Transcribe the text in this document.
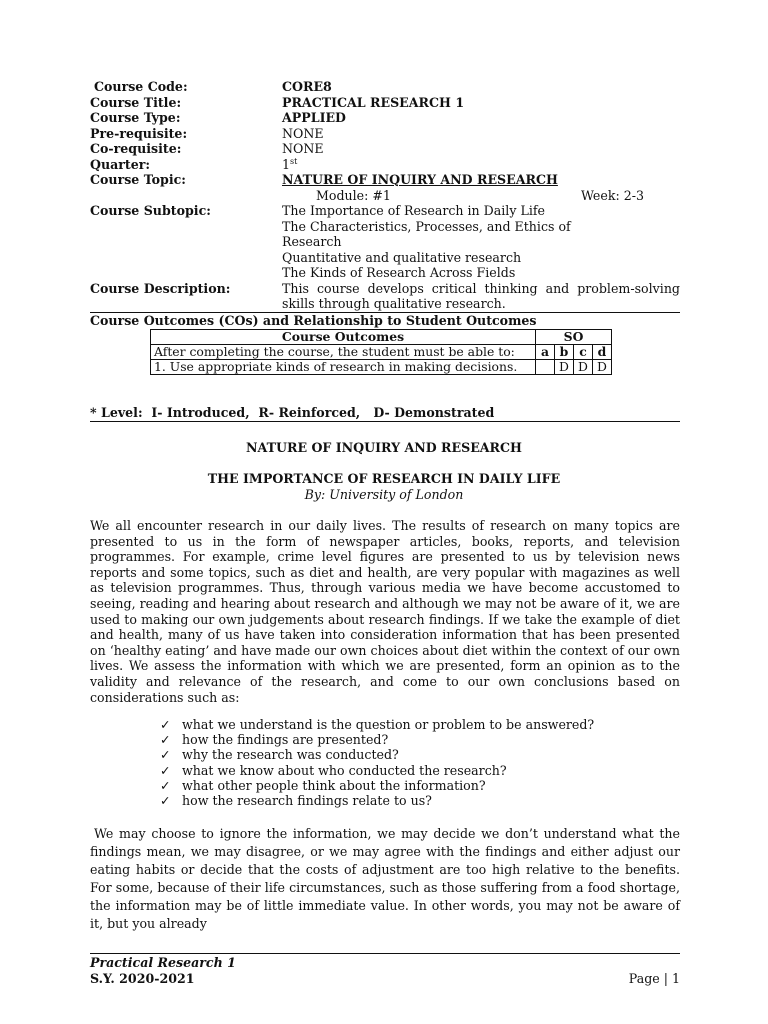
Course Code:	CORE8
Course Title:	PRACTICAL RESEARCH 1
Course Type:	APPLIED
Pre-requisite:	NONE
Co-requisite:	NONE
Quarter:	1st
Course Topic:	NATURE OF INQUIRY AND RESEARCH
Module: #1	Week: 2-3
Course Subtopic:	The Importance of Research in Daily Life
The Characteristics, Processes, and Ethics of
Research
Quantitative and qualitative research
The Kinds of Research Across Fields
Course Description:	This course develops critical thinking and problem-solving skills through qualitative research.
Course Outcomes (COs) and Relationship to Student Outcomes
Course Outcomes	SO			
After completing the course, the student must be able to:	a	b	c	d
1. Use appropriate kinds of research in making decisions.		D	D	D
* Level:  I- Introduced,  R- Reinforced,   D- Demonstrated
NATURE OF INQUIRY AND RESEARCH
THE IMPORTANCE OF RESEARCH IN DAILY LIFE
By: University of London

We all encounter research in our daily lives. The results of research on many topics are presented to us in the form of newspaper articles, books, reports, and television programmes. For example, crime level figures are presented to us by television news reports and some topics, such as diet and health, are very popular with magazines as well as television programmes. Thus, through various media we have become accustomed to seeing, reading and hearing about research and although we may not be aware of it, we are used to making our own judgements about research findings. If we take the example of diet and health, many of us have taken into consideration information that has been presented on ‘healthy eating’ and have made our own choices about diet within the context of our own lives. We assess the information with which we are presented, form an opinion as to the validity and relevance of the research, and come to our own conclusions based on considerations such as:

✓ what we understand is the question or problem to be answered?
✓ how the findings are presented?
✓ why the research was conducted?
✓ what we know about who conducted the research?
✓ what other people think about the information?
✓ how the research findings relate to us?

We may choose to ignore the information, we may decide we don’t understand what the findings mean, we may disagree, or we may agree with the findings and either adjust our eating habits or decide that the costs of adjustment are too high relative to the benefits. For some, because of their life circumstances, such as those suffering from a food shortage, the information may be of little immediate value. In other words, you may not be aware of it, but you already

Practical Research 1
S.Y. 2020-2021	Page | 1
